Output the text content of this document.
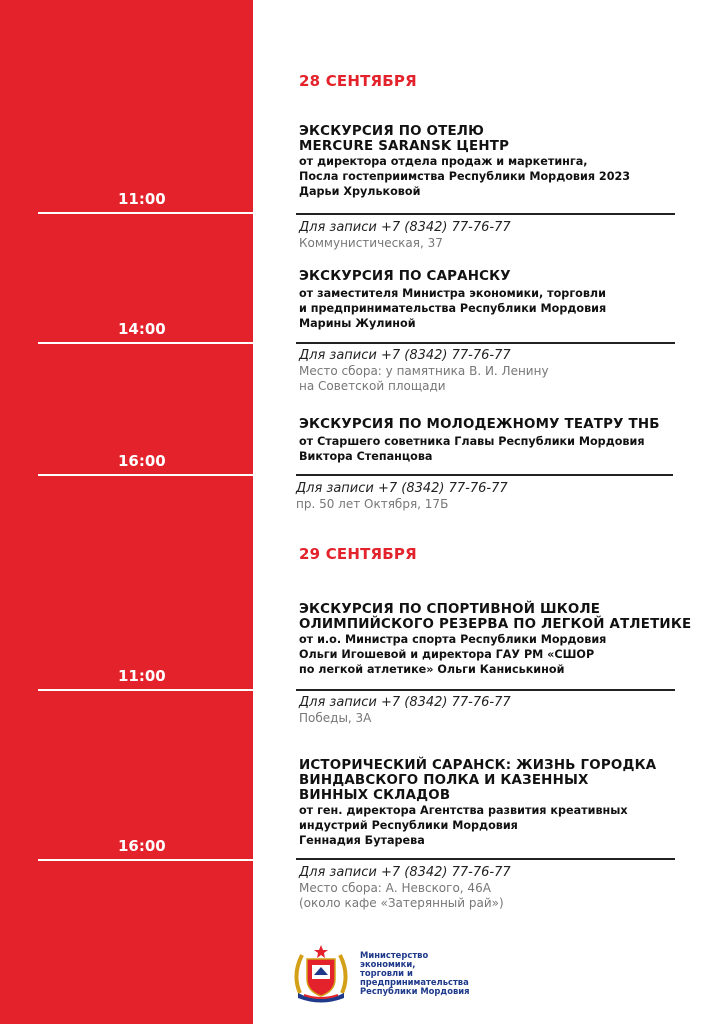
28 СЕНТЯБРЯ
ЭКСКУРСИЯ ПО ОТЕЛЮ
MERCURE SARANSK ЦЕНТР
от директора отдела продаж и маркетинга,
Посла гостеприимства Республики Мордовия 2023
Дарьи Хрульковой
11:00
Для записи +7 (8342) 77-76-77
Коммунистическая, 37
ЭКСКУРСИЯ ПО САРАНСКУ
от заместителя Министра экономики, торговли
и предпринимательства Республики Мордовия
Марины Жулиной
14:00
Для записи +7 (8342) 77-76-77
Место сбора: у памятника В. И. Ленину
на Советской площади
ЭКСКУРСИЯ ПО МОЛОДЕЖНОМУ ТЕАТРУ ТНБ
от Старшего советника Главы Республики Мордовия
Виктора Степанцова
16:00
Для записи +7 (8342) 77-76-77
пр. 50 лет Октября, 17Б
29 СЕНТЯБРЯ
ЭКСКУРСИЯ ПО СПОРТИВНОЙ ШКОЛЕ
ОЛИМПИЙСКОГО РЕЗЕРВА ПО ЛЕГКОЙ АТЛЕТИКЕ
от и.о. Министра спорта Республики Мордовия
Ольги Игошевой и директора ГАУ РМ «СШОР
по легкой атлетике» Ольги Каниськиной
11:00
Для записи +7 (8342) 77-76-77
Победы, 3А
ИСТОРИЧЕСКИЙ САРАНСК: ЖИЗНЬ ГОРОДКА
ВИНДАВСКОГО ПОЛКА И КАЗЕННЫХ
ВИННЫХ СКЛАДОВ
от ген. директора Агентства развития креативных
индустрий Республики Мордовия
Геннадия Бутарева
16:00
Для записи +7 (8342) 77-76-77
Место сбора: А. Невского, 46А
(около кафе «Затерянный рай»)
Министерство
экономики,
торговли и
предпринимательства
Республики Мордовия
